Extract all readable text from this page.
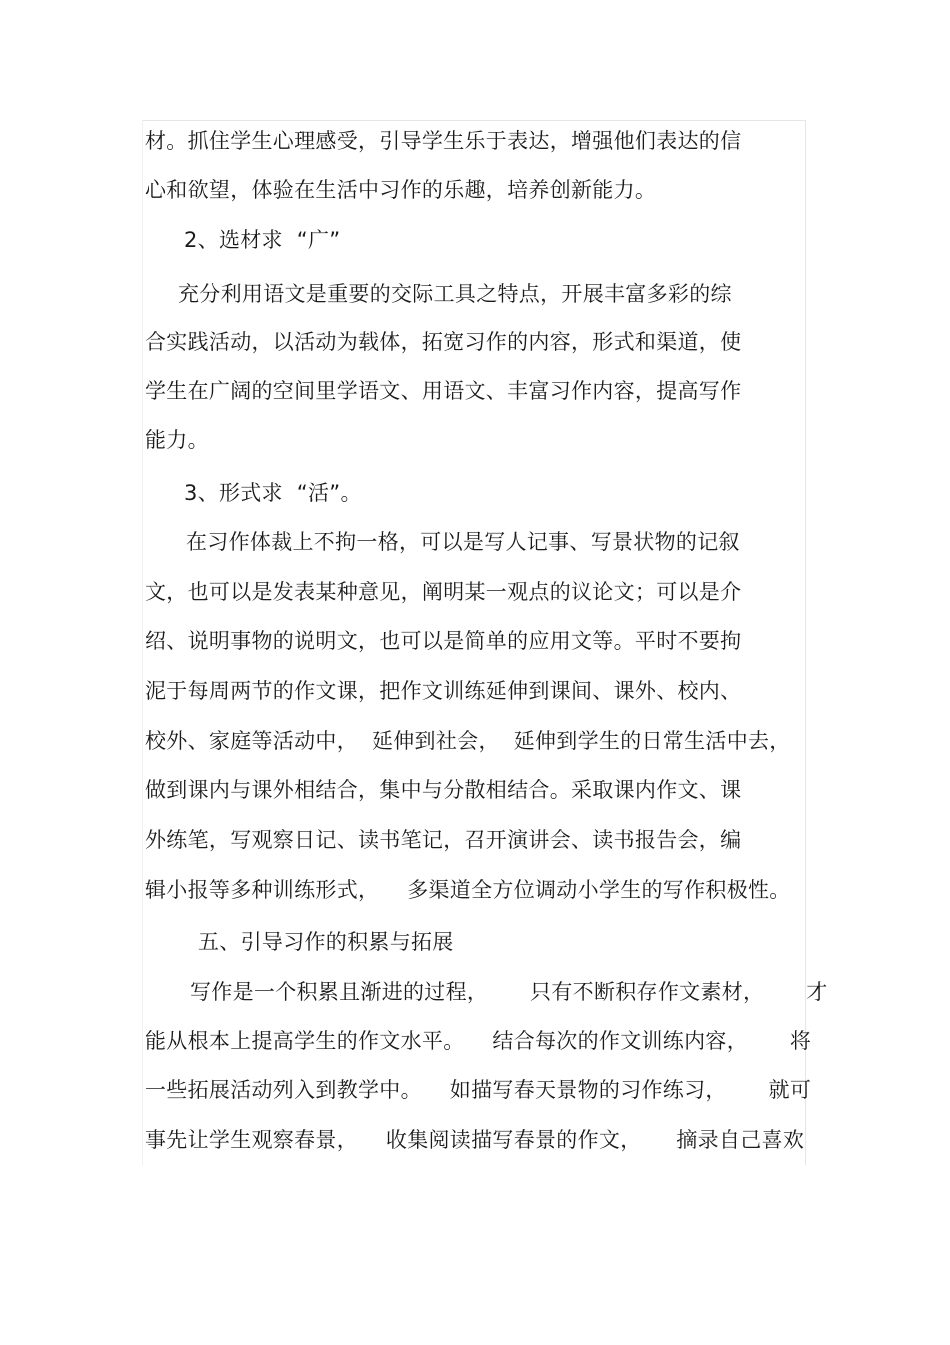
材。抓住学生心理感受，引导学生乐于表达，增强他们表达的信
心和欲望，体验在生活中习作的乐趣，培养创新能力。
2、选材求  “广”
充分利用语文是重要的交际工具之特点，开展丰富多彩的综
合实践活动，以活动为载体，拓宽习作的内容，形式和渠道，使
学生在广阔的空间里学语文、用语文、丰富习作内容，提高写作
能力。
3、形式求  “活”。
在习作体裁上不拘一格，可以是写人记事、写景状物的记叙
文，也可以是发表某种意见，阐明某一观点的议论文；可以是介
绍、说明事物的说明文，也可以是简单的应用文等。平时不要拘
泥于每周两节的作文课，把作文训练延伸到课间、课外、校内、
校外、家庭等活动中，  延伸到社会，  延伸到学生的日常生活中去，
做到课内与课外相结合，集中与分散相结合。采取课内作文、课
外练笔，写观察日记、读书笔记，召开演讲会、读书报告会，编
辑小报等多种训练形式，    多渠道全方位调动小学生的写作积极性。
五、引导习作的积累与拓展
写作是一个积累且渐进的过程，      只有不断积存作文素材，      才
能从根本上提高学生的作文水平。    结合每次的作文训练内容，      将
一些拓展活动列入到教学中。    如描写春天景物的习作练习，      就可
事先让学生观察春景，    收集阅读描写春景的作文，     摘录自己喜欢
